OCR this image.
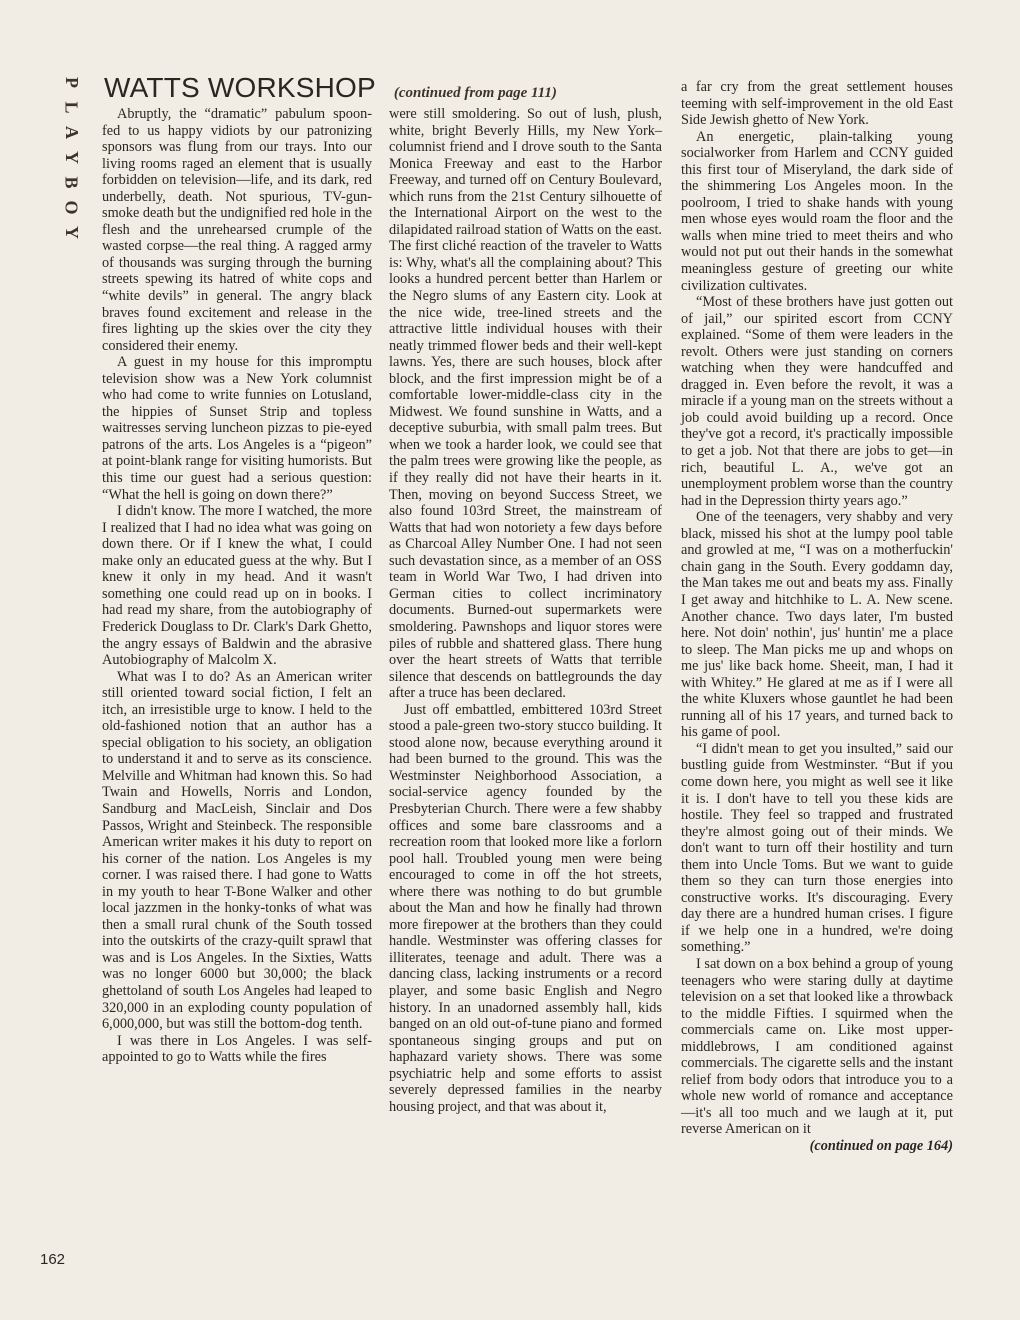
P
L
A
Y
B
O
Y
WATTS WORKSHOP (continued from page 111)

Abruptly, the “dramatic” pabulum spoon-fed to us happy vidiots by our patronizing sponsors was flung from our trays. Into our living rooms raged an element that is usually forbidden on television—life, and its dark, red underbelly, death. Not spurious, TV-gun-smoke death but the undignified red hole in the flesh and the unrehearsed crumple of the wasted corpse—the real thing. A ragged army of thousands was surging through the burning streets spewing its hatred of white cops and “white devils” in general. The angry black braves found excitement and release in the fires lighting up the skies over the city they considered their enemy.

A guest in my house for this impromptu television show was a New York columnist who had come to write funnies on Lotusland, the hippies of Sunset Strip and topless waitresses serving luncheon pizzas to pie-eyed patrons of the arts. Los Angeles is a “pigeon” at point-blank range for visiting humorists. But this time our guest had a serious question: “What the hell is going on down there?”

I didn't know. The more I watched, the more I realized that I had no idea what was going on down there. Or if I knew the what, I could make only an educated guess at the why. But I knew it only in my head. And it wasn't something one could read up on in books. I had read my share, from the autobiography of Frederick Douglass to Dr. Clark's Dark Ghetto, the angry essays of Baldwin and the abrasive Autobiography of Malcolm X.

What was I to do? As an American writer still oriented toward social fiction, I felt an itch, an irresistible urge to know. I held to the old-fashioned notion that an author has a special obligation to his society, an obligation to understand it and to serve as its conscience. Melville and Whitman had known this. So had Twain and Howells, Norris and London, Sandburg and MacLeish, Sinclair and Dos Passos, Wright and Steinbeck. The responsible American writer makes it his duty to report on his corner of the nation. Los Angeles is my corner. I was raised there. I had gone to Watts in my youth to hear T-Bone Walker and other local jazzmen in the honky-tonks of what was then a small rural chunk of the South tossed into the outskirts of the crazy-quilt sprawl that was and is Los Angeles. In the Sixties, Watts was no longer 6000 but 30,000; the black ghettoland of south Los Angeles had leaped to 320,000 in an exploding county population of 6,000,000, but was still the bottom-dog tenth.

I was there in Los Angeles. I was self-appointed to go to Watts while the fires

were still smoldering. So out of lush, plush, white, bright Beverly Hills, my New York–columnist friend and I drove south to the Santa Monica Freeway and east to the Harbor Freeway, and turned off on Century Boulevard, which runs from the 21st Century silhouette of the International Airport on the west to the dilapidated railroad station of Watts on the east. The first cliché reaction of the traveler to Watts is: Why, what's all the complaining about? This looks a hundred percent better than Harlem or the Negro slums of any Eastern city. Look at the nice wide, tree-lined streets and the attractive little individual houses with their neatly trimmed flower beds and their well-kept lawns. Yes, there are such houses, block after block, and the first impression might be of a comfortable lower-middle-class city in the Midwest. We found sunshine in Watts, and a deceptive suburbia, with small palm trees. But when we took a harder look, we could see that the palm trees were growing like the people, as if they really did not have their hearts in it. Then, moving on beyond Success Street, we also found 103rd Street, the mainstream of Watts that had won notoriety a few days before as Charcoal Alley Number One. I had not seen such devastation since, as a member of an OSS team in World War Two, I had driven into German cities to collect incriminatory documents. Burned-out supermarkets were smoldering. Pawnshops and liquor stores were piles of rubble and shattered glass. There hung over the heart streets of Watts that terrible silence that descends on battlegrounds the day after a truce has been declared.

Just off embattled, embittered 103rd Street stood a pale-green two-story stucco building. It stood alone now, because everything around it had been burned to the ground. This was the Westminster Neighborhood Association, a social-service agency founded by the Presbyterian Church. There were a few shabby offices and some bare classrooms and a recreation room that looked more like a forlorn pool hall. Troubled young men were being encouraged to come in off the hot streets, where there was nothing to do but grumble about the Man and how he finally had thrown more firepower at the brothers than they could handle. Westminster was offering classes for illiterates, teenage and adult. There was a dancing class, lacking instruments or a record player, and some basic English and Negro history. In an unadorned assembly hall, kids banged on an old out-of-tune piano and formed spontaneous singing groups and put on haphazard variety shows. There was some psychiatric help and some efforts to assist severely depressed families in the nearby housing project, and that was about it,

a far cry from the great settlement houses teeming with self-improvement in the old East Side Jewish ghetto of New York.

An energetic, plain-talking young socialworker from Harlem and CCNY guided this first tour of Miseryland, the dark side of the shimmering Los Angeles moon. In the poolroom, I tried to shake hands with young men whose eyes would roam the floor and the walls when mine tried to meet theirs and who would not put out their hands in the somewhat meaningless gesture of greeting our white civilization cultivates.

“Most of these brothers have just gotten out of jail,” our spirited escort from CCNY explained. “Some of them were leaders in the revolt. Others were just standing on corners watching when they were handcuffed and dragged in. Even before the revolt, it was a miracle if a young man on the streets without a job could avoid building up a record. Once they've got a record, it's practically impossible to get a job. Not that there are jobs to get—in rich, beautiful L. A., we've got an unemployment problem worse than the country had in the Depression thirty years ago.”

One of the teenagers, very shabby and very black, missed his shot at the lumpy pool table and growled at me, “I was on a motherfuckin' chain gang in the South. Every goddamn day, the Man takes me out and beats my ass. Finally I get away and hitchhike to L. A. New scene. Another chance. Two days later, I'm busted here. Not doin' nothin', jus' huntin' me a place to sleep. The Man picks me up and whops on me jus' like back home. Sheeit, man, I had it with Whitey.” He glared at me as if I were all the white Kluxers whose gauntlet he had been running all of his 17 years, and turned back to his game of pool.

“I didn't mean to get you insulted,” said our bustling guide from Westminster. “But if you come down here, you might as well see it like it is. I don't have to tell you these kids are hostile. They feel so trapped and frustrated they're almost going out of their minds. We don't want to turn off their hostility and turn them into Uncle Toms. But we want to guide them so they can turn those energies into constructive works. It's discouraging. Every day there are a hundred human crises. I figure if we help one in a hundred, we're doing something.”

I sat down on a box behind a group of young teenagers who were staring dully at daytime television on a set that looked like a throwback to the middle Fifties. I squirmed when the commercials came on. Like most upper-middlebrows, I am conditioned against commercials. The cigarette sells and the instant relief from body odors that introduce you to a whole new world of romance and acceptance—it's all too much and we laugh at it, put reverse American on it

(continued on page 164)
162
